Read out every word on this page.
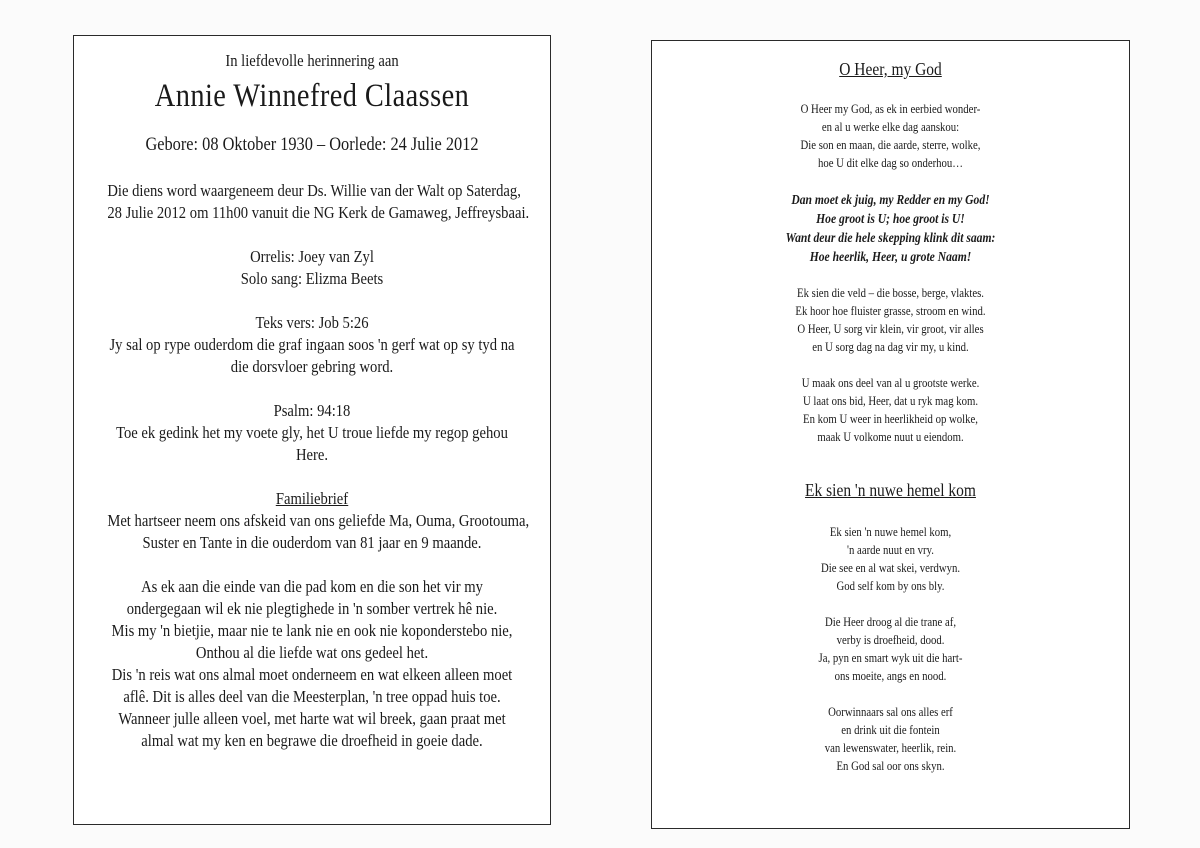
In liefdevolle herinnering aan
Annie Winnefred Claassen
Gebore: 08 Oktober 1930 – Oorlede: 24 Julie 2012
Die diens word waargeneem deur Ds. Willie van der Walt op Saterdag,
28 Julie 2012 om 11h00 vanuit die NG Kerk de Gamaweg, Jeffreysbaai.
Orrelis: Joey van Zyl
Solo sang: Elizma Beets
Teks vers: Job 5:26
Jy sal op rype ouderdom die graf ingaan soos 'n gerf wat op sy tyd na
die dorsvloer gebring word.
Psalm: 94:18
Toe ek gedink het my voete gly, het U troue liefde my regop gehou
Here.
Familiebrief
Met hartseer neem ons afskeid van ons geliefde Ma, Ouma, Grootouma,
Suster en Tante in die ouderdom van 81 jaar en 9 maande.
As ek aan die einde van die pad kom en die son het vir my
ondergegaan wil ek nie plegtighede in 'n somber vertrek hê nie.
Mis my 'n bietjie, maar nie te lank nie en ook nie koponderstebo nie,
Onthou al die liefde wat ons gedeel het.
Dis 'n reis wat ons almal moet onderneem en wat elkeen alleen moet
aflê. Dit is alles deel van die Meesterplan, 'n tree oppad huis toe.
Wanneer julle alleen voel, met harte wat wil breek, gaan praat met
almal wat my ken en begrawe die droefheid in goeie dade.
O Heer, my God
O Heer my God, as ek in eerbied wonder-
en al u werke elke dag aanskou:
Die son en maan, die aarde, sterre, wolke,
hoe U dit elke dag so onderhou…
Dan moet ek juig, my Redder en my God!
Hoe groot is U; hoe groot is U!
Want deur die hele skepping klink dit saam:
Hoe heerlik, Heer, u grote Naam!
Ek sien die veld – die bosse, berge, vlaktes.
Ek hoor hoe fluister grasse, stroom en wind.
O Heer, U sorg vir klein, vir groot, vir alles
en U sorg dag na dag vir my, u kind.
U maak ons deel van al u grootste werke.
U laat ons bid, Heer, dat u ryk mag kom.
En kom U weer in heerlikheid op wolke,
maak U volkome nuut u eiendom.
Ek sien 'n nuwe hemel kom
Ek sien 'n nuwe hemel kom,
'n aarde nuut en vry.
Die see en al wat skei, verdwyn.
God self kom by ons bly.
Die Heer droog al die trane af,
verby is droefheid, dood.
Ja, pyn en smart wyk uit die hart-
ons moeite, angs en nood.
Oorwinnaars sal ons alles erf
en drink uit die fontein
van lewenswater, heerlik, rein.
En God sal oor ons skyn.
